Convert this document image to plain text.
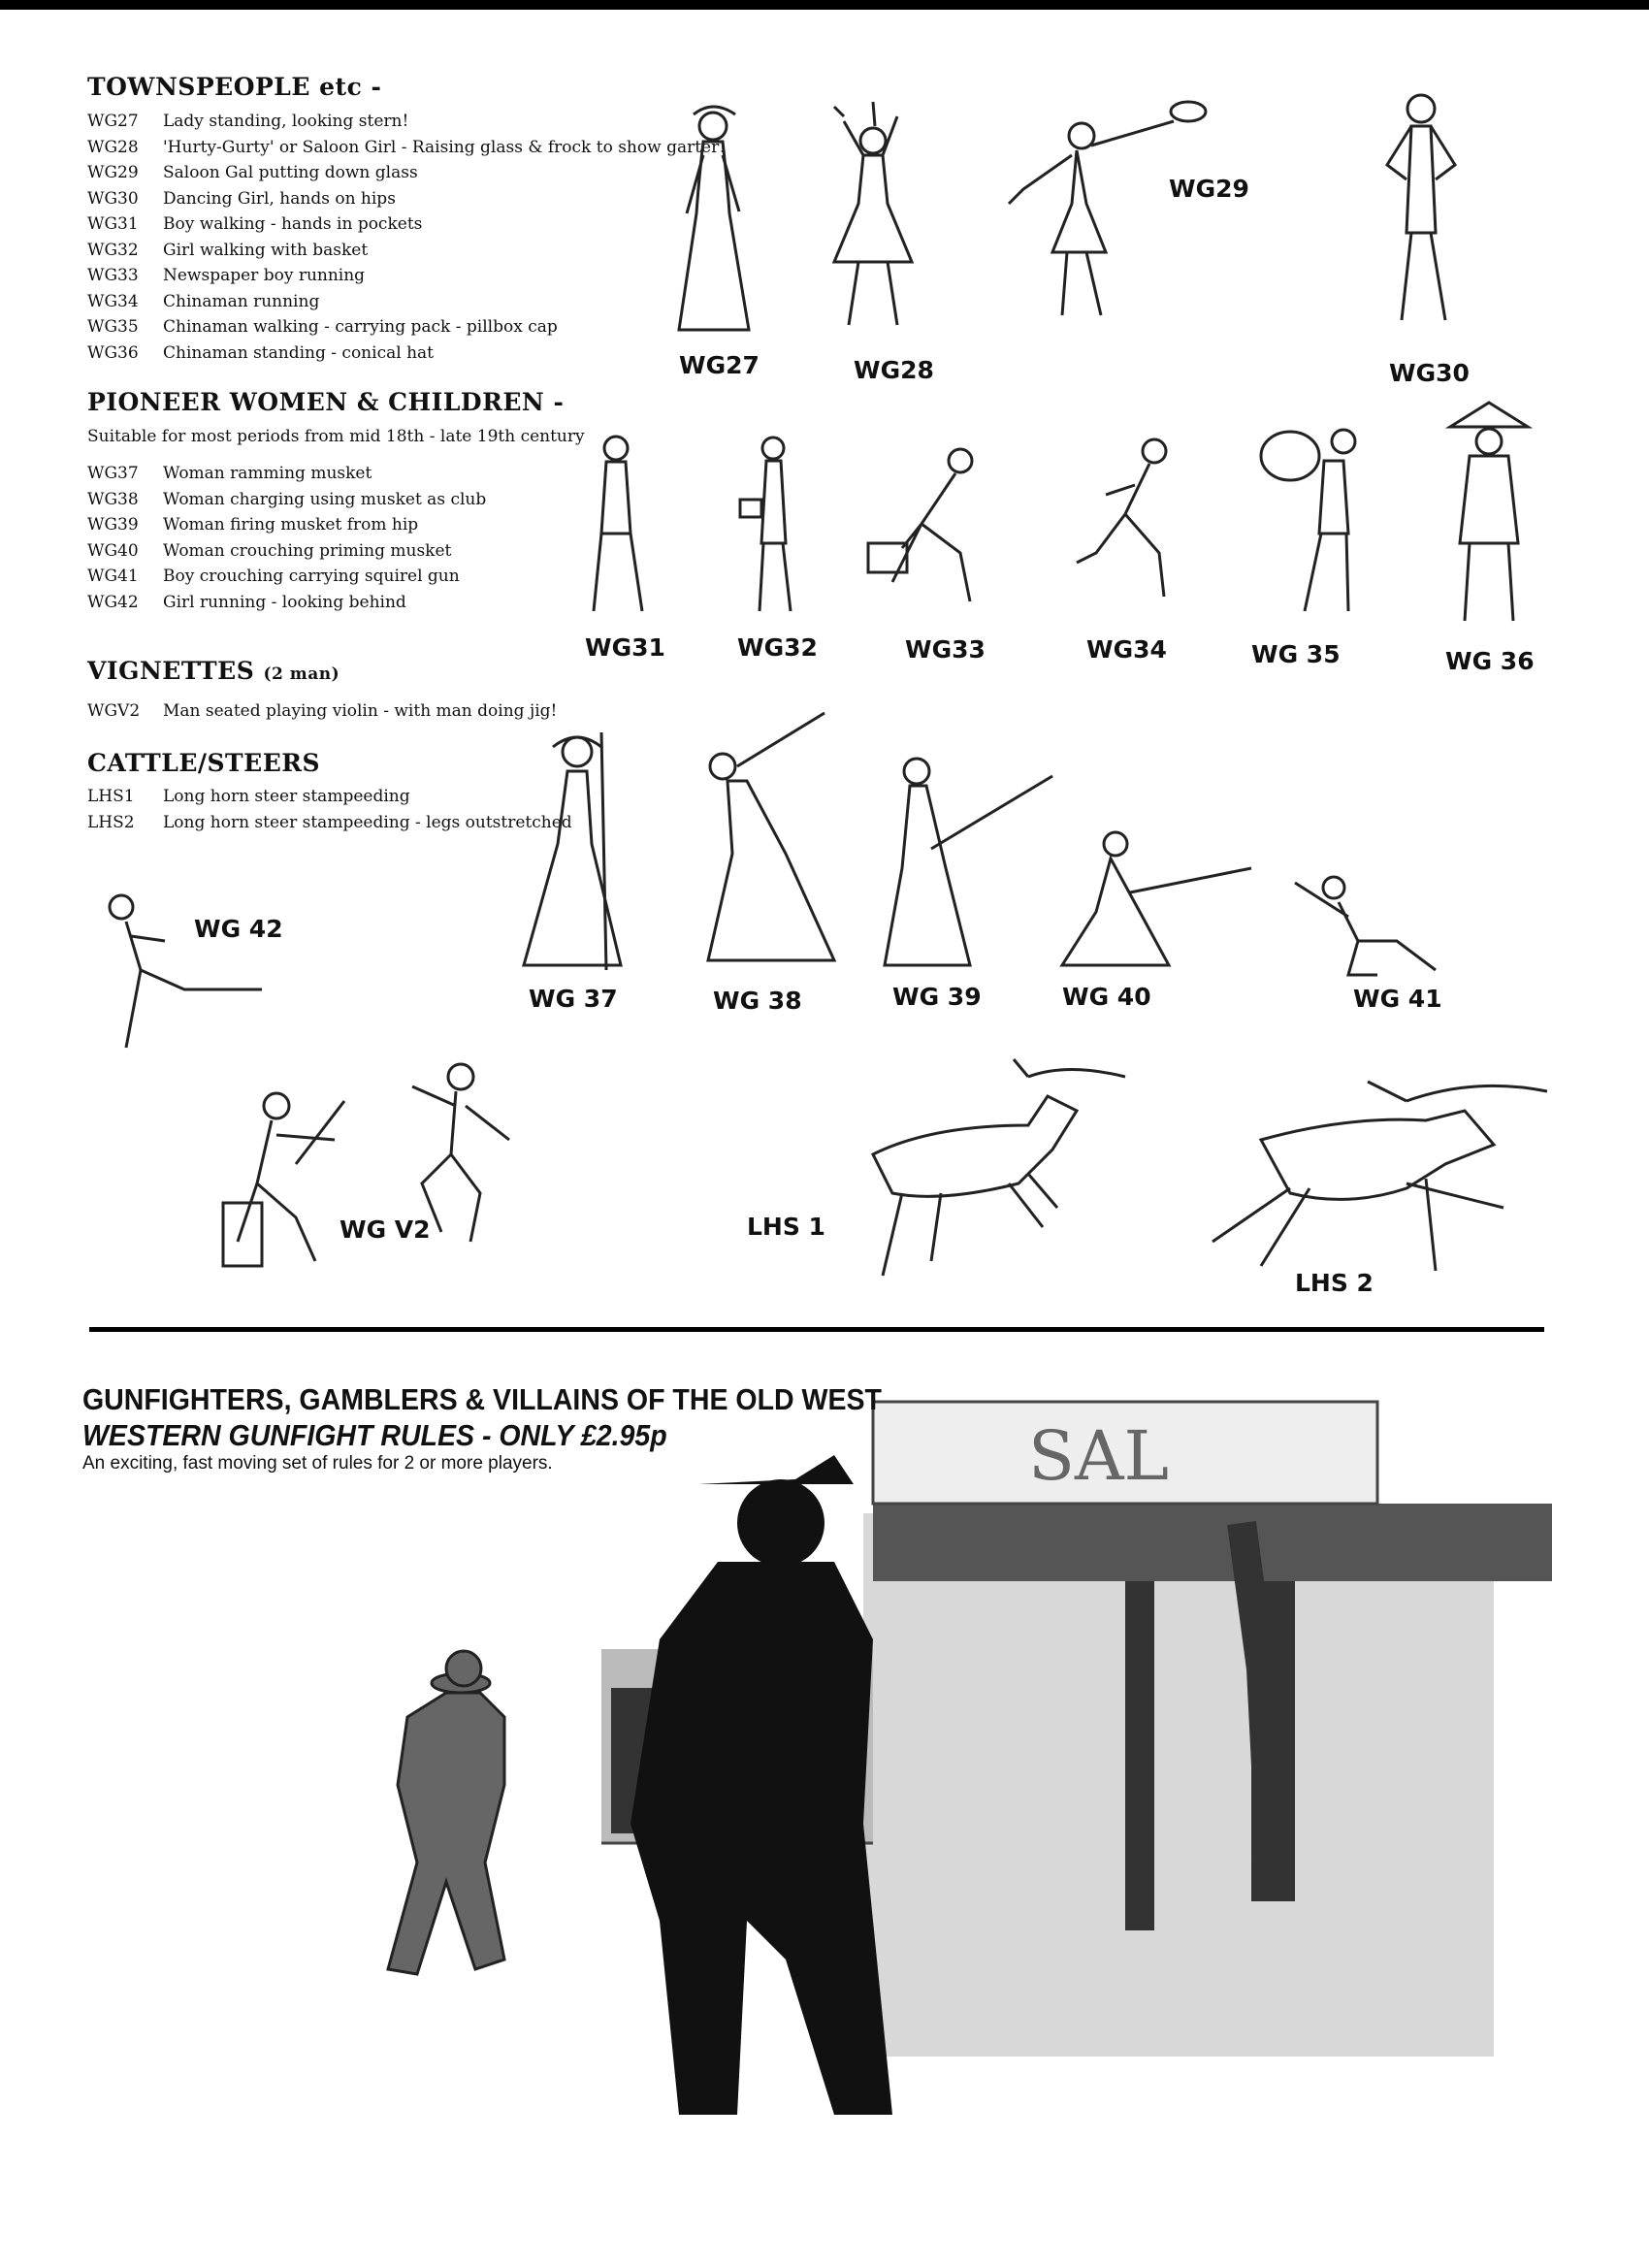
TOWNSPEOPLE etc -
WG27 Lady standing, looking stern!
WG28 'Hurty-Gurty' or Saloon Girl - Raising glass & frock to show garter!
WG29 Saloon Gal putting down glass
WG30 Dancing Girl, hands on hips
WG31 Boy walking - hands in pockets
WG32 Girl walking with basket
WG33 Newspaper boy running
WG34 Chinaman running
WG35 Chinaman walking - carrying pack - pillbox cap
WG36 Chinaman standing - conical hat
PIONEER WOMEN & CHILDREN -
Suitable for most periods from mid 18th - late 19th century
WG37 Woman ramming musket
WG38 Woman charging using musket as club
WG39 Woman firing musket from hip
WG40 Woman crouching priming musket
WG41 Boy crouching carrying squirel gun
WG42 Girl running - looking behind
VIGNETTES (2 man)
WGV2 Man seated playing violin - with man doing jig!
CATTLE/STEERS
LHS1 Long horn steer stampeeding
LHS2 Long horn steer stampeeding - legs outstretched
WG27	WG28
WG29
WG30
WG31	WG32	WG33	WG34	WG 35	WG 36
WG 37	WG 38	WG 39	WG 40	WG 41
WG 42
WG V2	LHS 1
LHS 2
SAL
GUNFIGHTERS, GAMBLERS & VILLAINS OF THE OLD WEST
WESTERN GUNFIGHT RULES - ONLY £2.95p
An exciting, fast moving set of rules for 2 or more players.
